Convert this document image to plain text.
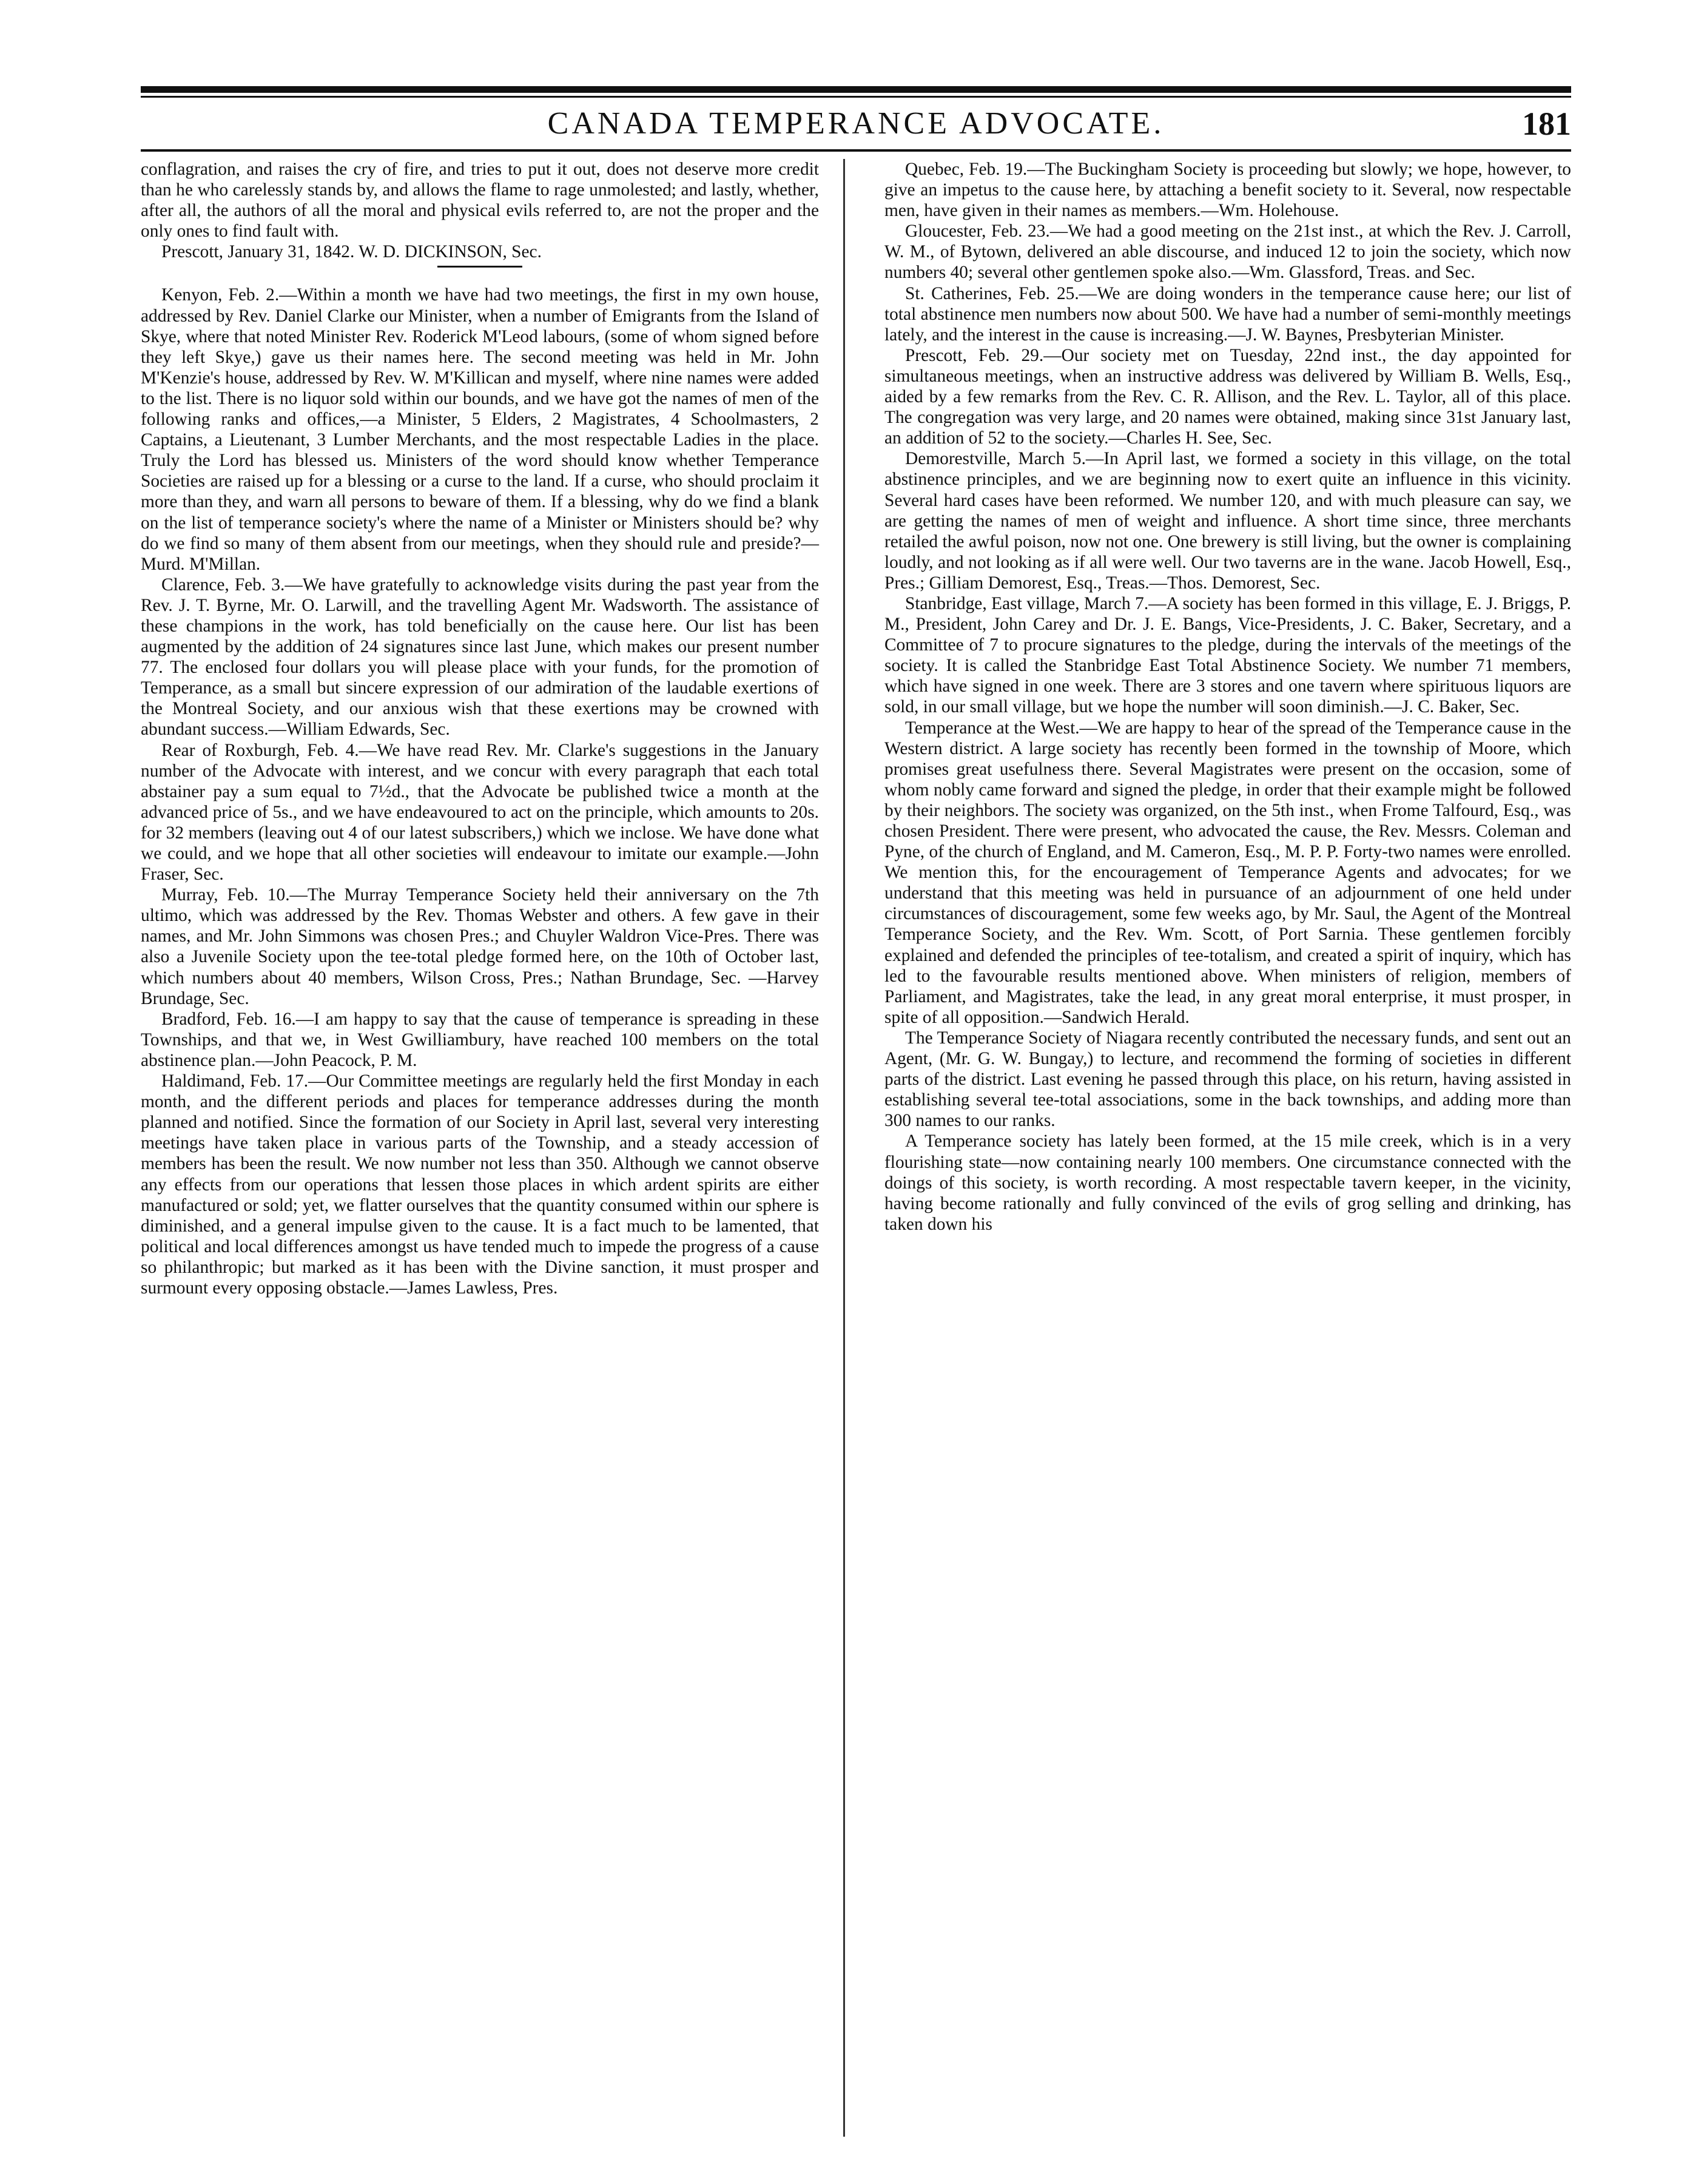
CANADA TEMPERANCE ADVOCATE.	181

conflagration, and raises the cry of fire, and tries to put it out, does not deserve more credit than he who carelessly stands by, and allows the flame to rage unmolested; and lastly, whether, after all, the authors of all the moral and physical evils referred to, are not the proper and the only ones to find fault with.

Prescott, January 31, 1842. W. D. DICKINSON, Sec.

Kenyon, Feb. 2.—Within a month we have had two meetings, the first in my own house, addressed by Rev. Daniel Clarke our Minister, when a number of Emigrants from the Island of Skye, where that noted Minister Rev. Roderick M'Leod labours, (some of whom signed before they left Skye,) gave us their names here. The second meeting was held in Mr. John M'Kenzie's house, addressed by Rev. W. M'Killican and myself, where nine names were added to the list. There is no liquor sold within our bounds, and we have got the names of men of the following ranks and offices,—a Minister, 5 Elders, 2 Magistrates, 4 Schoolmasters, 2 Captains, a Lieutenant, 3 Lumber Merchants, and the most respectable Ladies in the place. Truly the Lord has blessed us. Ministers of the word should know whether Temperance Societies are raised up for a blessing or a curse to the land. If a curse, who should proclaim it more than they, and warn all persons to beware of them. If a blessing, why do we find a blank on the list of temperance society's where the name of a Minister or Ministers should be? why do we find so many of them absent from our meetings, when they should rule and preside?—Murd. M'Millan.

Clarence, Feb. 3.—We have gratefully to acknowledge visits during the past year from the Rev. J. T. Byrne, Mr. O. Larwill, and the travelling Agent Mr. Wadsworth. The assistance of these champions in the work, has told beneficially on the cause here. Our list has been augmented by the addition of 24 signatures since last June, which makes our present number 77. The enclosed four dollars you will please place with your funds, for the promotion of Temperance, as a small but sincere expression of our admiration of the laudable exertions of the Montreal Society, and our anxious wish that these exertions may be crowned with abundant success.—William Edwards, Sec.

Rear of Roxburgh, Feb. 4.—We have read Rev. Mr. Clarke's suggestions in the January number of the Advocate with interest, and we concur with every paragraph that each total abstainer pay a sum equal to 7½d., that the Advocate be published twice a month at the advanced price of 5s., and we have endeavoured to act on the principle, which amounts to 20s. for 32 members (leaving out 4 of our latest subscribers,) which we inclose. We have done what we could, and we hope that all other societies will endeavour to imitate our example.—John Fraser, Sec.

Murray, Feb. 10.—The Murray Temperance Society held their anniversary on the 7th ultimo, which was addressed by the Rev. Thomas Webster and others. A few gave in their names, and Mr. John Simmons was chosen Pres.; and Chuyler Waldron Vice-Pres. There was also a Juvenile Society upon the tee-total pledge formed here, on the 10th of October last, which numbers about 40 members, Wilson Cross, Pres.; Nathan Brundage, Sec. —Harvey Brundage, Sec.

Bradford, Feb. 16.—I am happy to say that the cause of temperance is spreading in these Townships, and that we, in West Gwilliambury, have reached 100 members on the total abstinence plan.—John Peacock, P. M.

Haldimand, Feb. 17.—Our Committee meetings are regularly held the first Monday in each month, and the different periods and places for temperance addresses during the month planned and notified. Since the formation of our Society in April last, several very interesting meetings have taken place in various parts of the Township, and a steady accession of members has been the result. We now number not less than 350. Although we cannot observe any effects from our operations that lessen those places in which ardent spirits are either manufactured or sold; yet, we flatter ourselves that the quantity consumed within our sphere is diminished, and a general impulse given to the cause. It is a fact much to be lamented, that political and local differences amongst us have tended much to impede the progress of a cause so philanthropic; but marked as it has been with the Divine sanction, it must prosper and surmount every opposing obstacle.—James Lawless, Pres.

Quebec, Feb. 19.—The Buckingham Society is proceeding but slowly; we hope, however, to give an impetus to the cause here, by attaching a benefit society to it. Several, now respectable men, have given in their names as members.—Wm. Holehouse.

Gloucester, Feb. 23.—We had a good meeting on the 21st inst., at which the Rev. J. Carroll, W. M., of Bytown, delivered an able discourse, and induced 12 to join the society, which now numbers 40; several other gentlemen spoke also.—Wm. Glassford, Treas. and Sec.

St. Catherines, Feb. 25.—We are doing wonders in the temperance cause here; our list of total abstinence men numbers now about 500. We have had a number of semi-monthly meetings lately, and the interest in the cause is increasing.—J. W. Baynes, Presbyterian Minister.

Prescott, Feb. 29.—Our society met on Tuesday, 22nd inst., the day appointed for simultaneous meetings, when an instructive address was delivered by William B. Wells, Esq., aided by a few remarks from the Rev. C. R. Allison, and the Rev. L. Taylor, all of this place. The congregation was very large, and 20 names were obtained, making since 31st January last, an addition of 52 to the society.—Charles H. See, Sec.

Demorestville, March 5.—In April last, we formed a society in this village, on the total abstinence principles, and we are beginning now to exert quite an influence in this vicinity. Several hard cases have been reformed. We number 120, and with much pleasure can say, we are getting the names of men of weight and influence. A short time since, three merchants retailed the awful poison, now not one. One brewery is still living, but the owner is complaining loudly, and not looking as if all were well. Our two taverns are in the wane. Jacob Howell, Esq., Pres.; Gilliam Demorest, Esq., Treas.—Thos. Demorest, Sec.

Stanbridge, East village, March 7.—A society has been formed in this village, E. J. Briggs, P. M., President, John Carey and Dr. J. E. Bangs, Vice-Presidents, J. C. Baker, Secretary, and a Committee of 7 to procure signatures to the pledge, during the intervals of the meetings of the society. It is called the Stanbridge East Total Abstinence Society. We number 71 members, which have signed in one week. There are 3 stores and one tavern where spirituous liquors are sold, in our small village, but we hope the number will soon diminish.—J. C. Baker, Sec.

Temperance at the West.—We are happy to hear of the spread of the Temperance cause in the Western district. A large society has recently been formed in the township of Moore, which promises great usefulness there. Several Magistrates were present on the occasion, some of whom nobly came forward and signed the pledge, in order that their example might be followed by their neighbors. The society was organized, on the 5th inst., when Frome Talfourd, Esq., was chosen President. There were present, who advocated the cause, the Rev. Messrs. Coleman and Pyne, of the church of England, and M. Cameron, Esq., M. P. P. Forty-two names were enrolled. We mention this, for the encouragement of Temperance Agents and advocates; for we understand that this meeting was held in pursuance of an adjournment of one held under circumstances of discouragement, some few weeks ago, by Mr. Saul, the Agent of the Montreal Temperance Society, and the Rev. Wm. Scott, of Port Sarnia. These gentlemen forcibly explained and defended the principles of tee-totalism, and created a spirit of inquiry, which has led to the favourable results mentioned above. When ministers of religion, members of Parliament, and Magistrates, take the lead, in any great moral enterprise, it must prosper, in spite of all opposition.—Sandwich Herald.

The Temperance Society of Niagara recently contributed the necessary funds, and sent out an Agent, (Mr. G. W. Bungay,) to lecture, and recommend the forming of societies in different parts of the district. Last evening he passed through this place, on his return, having assisted in establishing several tee-total associations, some in the back townships, and adding more than 300 names to our ranks.

A Temperance society has lately been formed, at the 15 mile creek, which is in a very flourishing state—now containing nearly 100 members. One circumstance connected with the doings of this society, is worth recording. A most respectable tavern keeper, in the vicinity, having become rationally and fully convinced of the evils of grog selling and drinking, has taken down his
